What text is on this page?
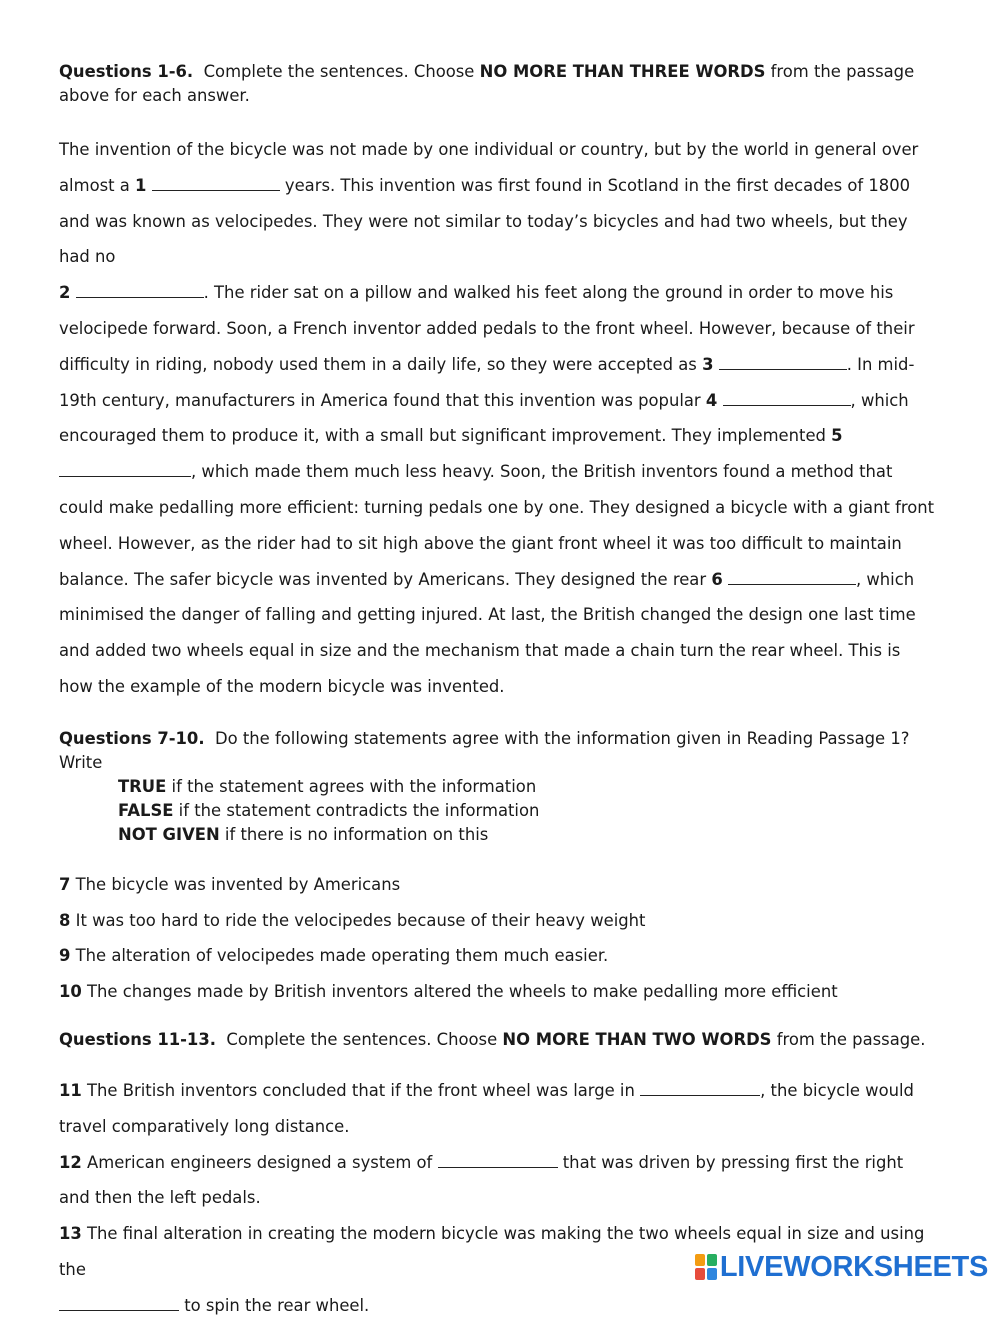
Questions 1-6. Complete the sentences. Choose NO MORE THAN THREE WORDS from the passage above for each answer.

The invention of the bicycle was not made by one individual or country, but by the world in general over almost a 1	years. This invention was first found in Scotland in the first decades of 1800 and was known as velocipedes. They were not similar to today’s bicycles and had two wheels, but they had no
2	. The rider sat on a pillow and walked his feet along the ground in order to move his velocipede forward. Soon, a French inventor added pedals to the front wheel. However, because of their difficulty in riding, nobody used them in a daily life, so they were accepted as 3	. In mid-19th century, manufacturers in America found that this invention was popular 4	, which encouraged them to produce it, with a small but significant improvement. They implemented 5 , which made them much less heavy. Soon, the British inventors found a method that could make pedalling more efficient: turning pedals one by one. They designed a bicycle with a giant front wheel. However, as the rider had to sit high above the giant front wheel it was too difficult to maintain balance. The safer bicycle was invented by Americans. They designed the rear 6	, which minimised the danger of falling and getting injured. At last, the British changed the design one last time and added two wheels equal in size and the mechanism that made a chain turn the rear wheel. This is how the example of the modern bicycle was invented.

Questions 7-10. Do the following statements agree with the information given in Reading Passage 1? Write
TRUE if the statement agrees with the information
FALSE if the statement contradicts the information
NOT GIVEN if there is no information on this
7 The bicycle was invented by Americans
8 It was too hard to ride the velocipedes because of their heavy weight
9 The alteration of velocipedes made operating them much easier.
10 The changes made by British inventors altered the wheels to make pedalling more efficient

Questions 11-13. Complete the sentences. Choose NO MORE THAN TWO WORDS from the passage.

11 The British inventors concluded that if the front wheel was large in	, the bicycle would travel comparatively long distance.
12 American engineers designed a system of	that was driven by pressing first the right and then the left pedals.
13 The final alteration in creating the modern bicycle was making the two wheels equal in size and using the
to spin the rear wheel.
LIVEWORKSHEETS
